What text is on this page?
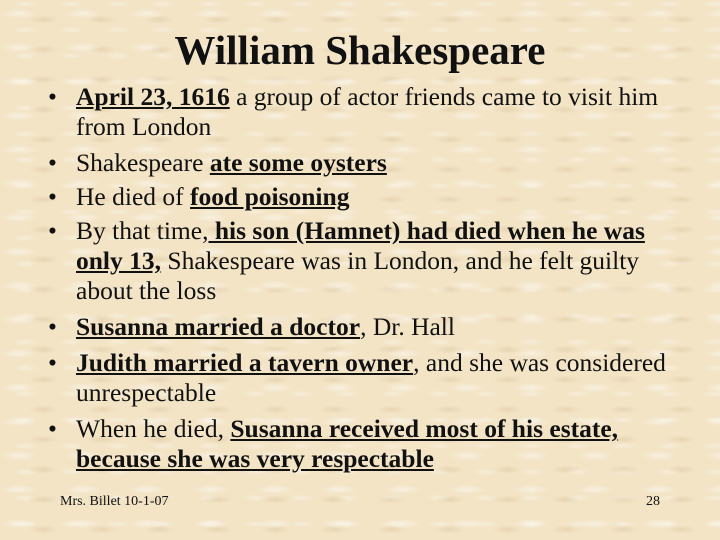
William Shakespeare
• April 23, 1616 a group of actor friends came to visit him from London
• Shakespeare ate some oysters
• He died of food poisoning
• By that time, his son (Hamnet) had died when he was only 13, Shakespeare was in London, and he felt guilty about the loss
• Susanna married a doctor, Dr. Hall
• Judith married a tavern owner, and she was considered unrespectable
• When he died, Susanna received most of his estate, because she was very respectable
Mrs. Billet 10-1-07	28
